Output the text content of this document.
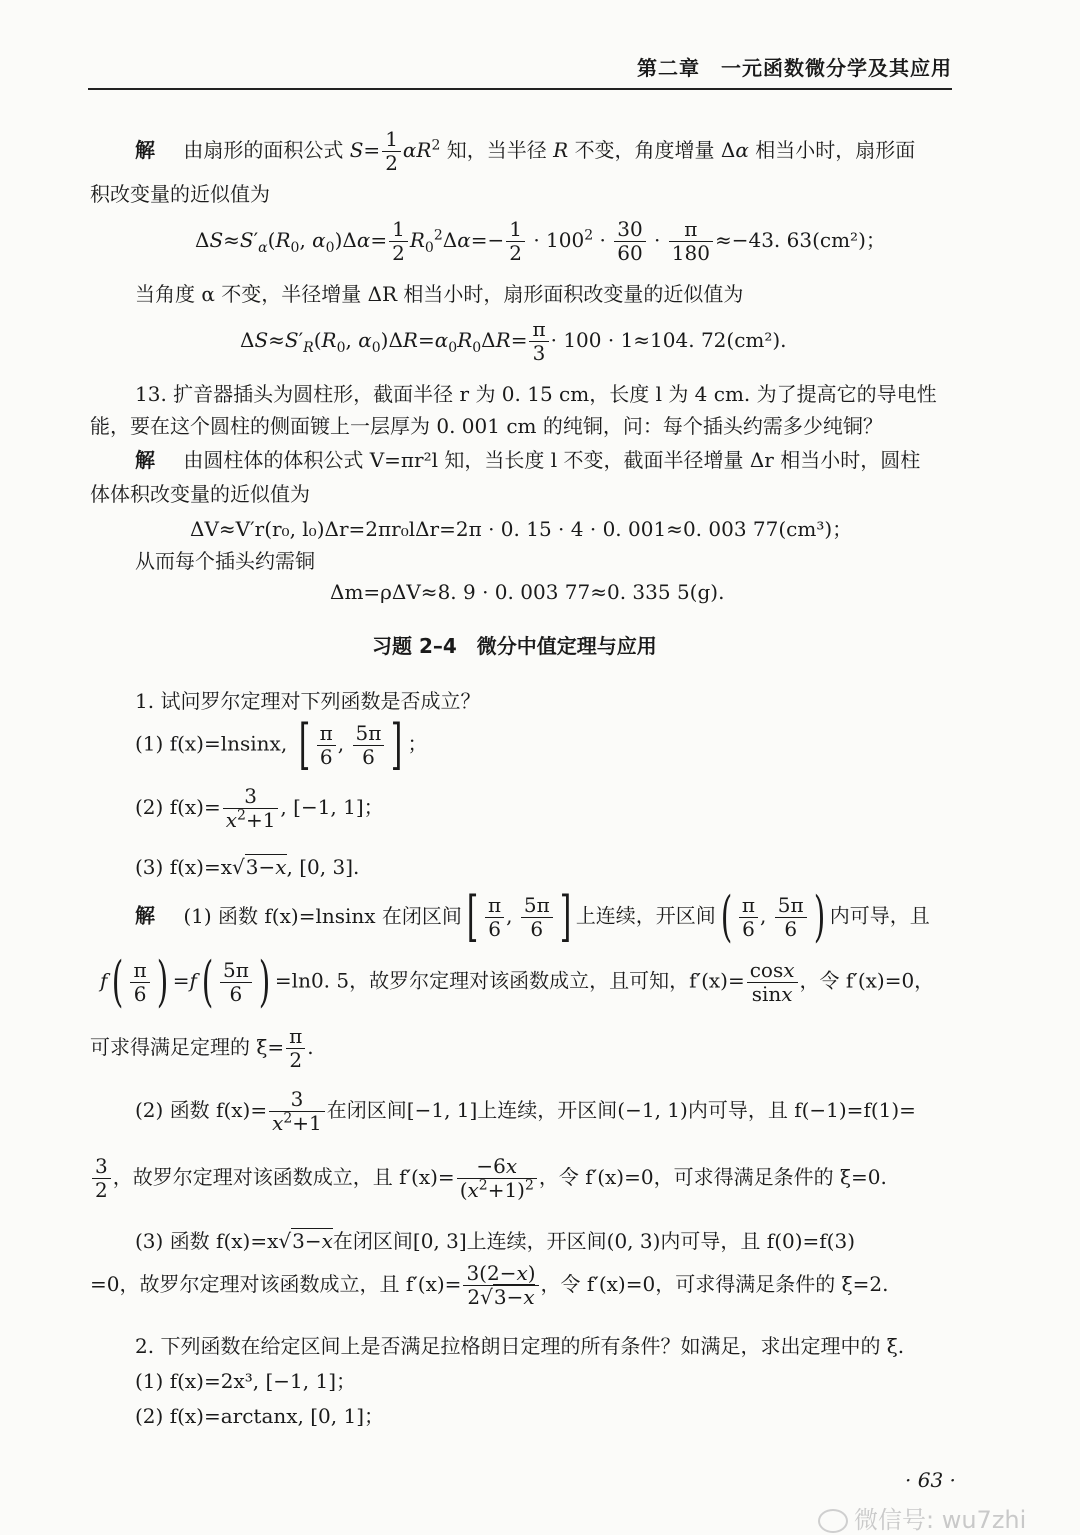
第二章　一元函数微分学及其应用
解 由扇形的面积公式 $S= \frac{1}{2} \alpha R^2$ 知，当半径 R 不变，角度增量 Δα 相当小时，扇形面
积改变量的近似值为
$\Delta S\approx S'_\alpha(R_0$, $\alpha_0)\Delta\alpha= \frac{1}{2} R_0^2\Delta\alpha=- \frac{1}{2} \cdot 100^2 \cdot \frac{30}{60} \cdot \frac{\pi}{180} \approx-43$. 63(cm²)；
当角度 α 不变，半径增量 ΔR 相当小时，扇形面积改变量的近似值为
$\Delta S\approx S'_R(R_0$, $\alpha_0)\Delta R=\alpha_0R_0\Delta R= \frac{\pi}{3} \cdot 100 \cdot 1\approx 104$. 72(cm²).
13. 扩音器插头为圆柱形，截面半径 r 为 0. 15 cm，长度 l 为 4 cm. 为了提高它的导电性
能，要在这个圆柱的侧面镀上一层厚为 0. 001 cm 的纯铜，问：每个插头约需多少纯铜？
解 由圆柱体的体积公式 V=πr²l 知，当长度 l 不变，截面半径增量 Δr 相当小时，圆柱
体体积改变量的近似值为
ΔV≈V′r(r₀, l₀)Δr=2πr₀lΔr=2π · 0. 15 · 4 · 0. 001≈0. 003 77(cm³)；
从而每个插头约需铜
Δm=ρΔV≈8. 9 · 0. 003 77≈0. 335 5(g).
习题 2–4　微分中值定理与应用
1. 试问罗尔定理对下列函数是否成立？
(1) f(x)=lnsinx, [ $\frac{\pi}{6}$ , $\frac{5\pi}{6}$ ] ；
(2) $f(x)= \frac{3}{x^2+1}$ , [−1, 1]；
(3) f(x)=x√3−x, [0, 3].
解 (1) 函数 f(x)=lnsinx 在闭区间[ $\frac{\pi}{6}$ , $\frac{5\pi}{6}$ ] 上连续，开区间( $\frac{\pi}{6}$ , $\frac{5\pi}{6}$ ) 内可导，且
$f( \frac{\pi}{6}$ ) $=f( \frac{5\pi}{6}$ ) =ln0. 5，故罗尔定理对该函数成立，且可知，$f'(x)= \frac{\cos x}{\sin x}$ ，令 f′(x)=0，
可求得满足定理的 $\xi= \frac{\pi}{2}$ .
(2) 函数 $f(x)= \frac{3}{x^2+1}$ 在闭区间[−1, 1]上连续，开区间(−1, 1)内可导，且 f(−1)=f(1)=
$\frac{3}{2}$ ，故罗尔定理对该函数成立，且 $f'(x)= \frac{-6x}{(x^2+1)^2}$ ，令 f′(x)=0，可求得满足条件的 ξ=0.
(3) 函数 f(x)=x√3−x在闭区间[0, 3]上连续，开区间(0, 3)内可导，且 f(0)=f(3)
=0，故罗尔定理对该函数成立，且 $f'(x)= \frac{3(2-x)}{2√3-x}$ ，令 f′(x)=0，可求得满足条件的 ξ=2.
2. 下列函数在给定区间上是否满足拉格朗日定理的所有条件？如满足，求出定理中的 ξ.
(1) f(x)=2x³, [−1, 1]；
(2) f(x)=arctanx, [0, 1]；
· 63 ·
微信号: wu7zhi
